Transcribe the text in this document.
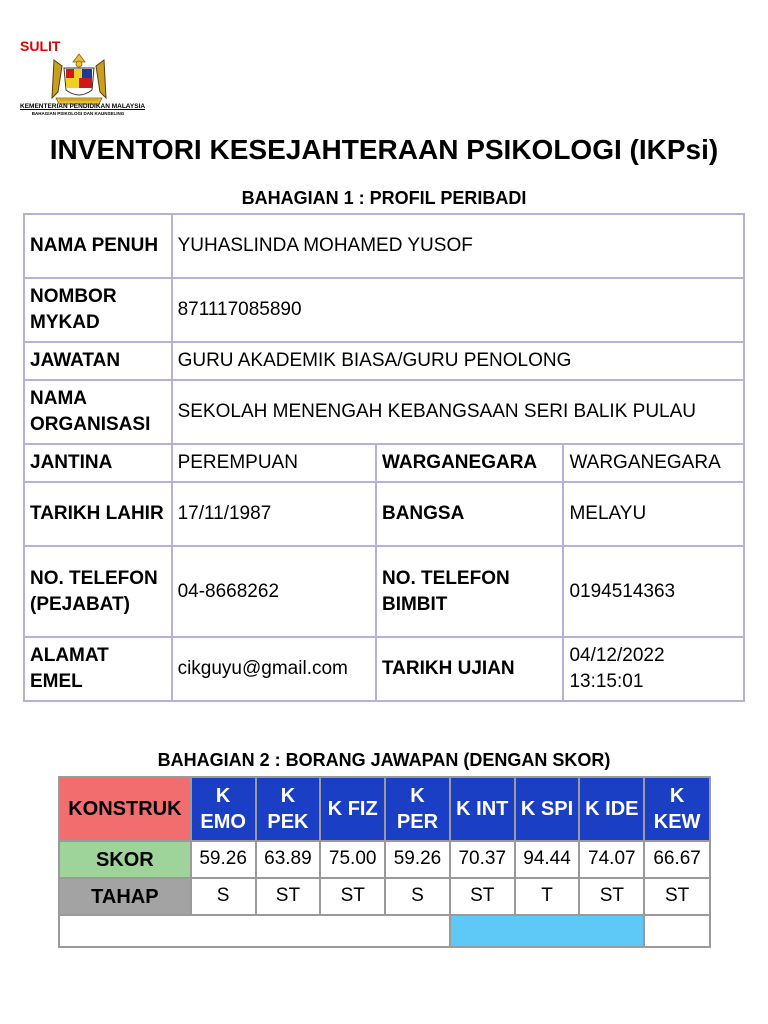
SULIT
KEMENTERIAN PENDIDIKAN MALAYSIA
BAHAGIAN PSIKOLOGI DAN KAUNSELING
INVENTORI KESEJAHTERAAN PSIKOLOGI (IKPsi)
BAHAGIAN 1 : PROFIL PERIBADI
NAMA PENUH	YUHASLINDA MOHAMED YUSOF		
NOMBOR MYKAD	871117085890		
JAWATAN	GURU AKADEMIK BIASA/GURU PENOLONG		
NAMA ORGANISASI	SEKOLAH MENENGAH KEBANGSAAN SERI BALIK PULAU		
JANTINA	PEREMPUAN	WARGANEGARA	WARGANEGARA
TARIKH LAHIR	17/11/1987	BANGSA	MELAYU
NO. TELEFON (PEJABAT)	04-8668262	NO. TELEFON BIMBIT	0194514363
ALAMAT EMEL	cikguyu@gmail.com	TARIKH UJIAN	04/12/2022 13:15:01
BAHAGIAN 2 : BORANG JAWAPAN (DENGAN SKOR)
KONSTRUK	K EMO	K PEK	K FIZ	K PER	K INT	K SPI	K IDE	K KEW
SKOR	59.26	63.89	75.00	59.26	70.37	94.44	74.07	66.67
TAHAP	S	ST	ST	S	ST	T	ST	ST
